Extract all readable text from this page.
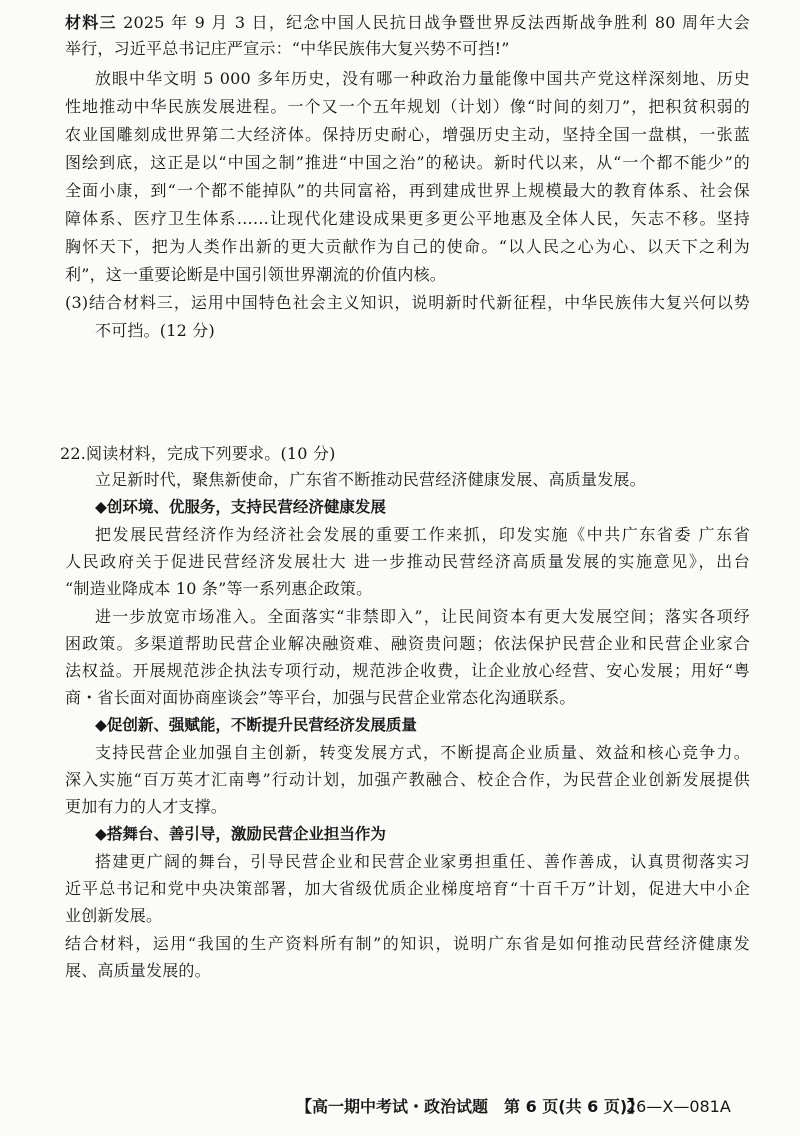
材料三 2025 年 9 月 3 日，纪念中国人民抗日战争暨世界反法西斯战争胜利 80 周年大会
举行，习近平总书记庄严宣示：“中华民族伟大复兴势不可挡!”
放眼中华文明 5 000 多年历史，没有哪一种政治力量能像中国共产党这样深刻地、历史
性地推动中华民族发展进程。一个又一个五年规划（计划）像“时间的刻刀”，把积贫积弱的
农业国雕刻成世界第二大经济体。保持历史耐心，增强历史主动，坚持全国一盘棋，一张蓝
图绘到底，这正是以“中国之制”推进“中国之治”的秘诀。新时代以来，从“一个都不能少”的
全面小康，到“一个都不能掉队”的共同富裕，再到建成世界上规模最大的教育体系、社会保
障体系、医疗卫生体系……让现代化建设成果更多更公平地惠及全体人民，矢志不移。坚持
胸怀天下，把为人类作出新的更大贡献作为自己的使命。“以人民之心为心、以天下之利为
利”，这一重要论断是中国引领世界潮流的价值内核。
(3)结合材料三，运用中国特色社会主义知识，说明新时代新征程，中华民族伟大复兴何以势
不可挡。(12 分)
22.阅读材料，完成下列要求。(10 分)
立足新时代，聚焦新使命，广东省不断推动民营经济健康发展、高质量发展。
◆创环境、优服务，支持民营经济健康发展
把发展民营经济作为经济社会发展的重要工作来抓，印发实施《中共广东省委 广东省
人民政府关于促进民营经济发展壮大 进一步推动民营经济高质量发展的实施意见》，出台
“制造业降成本 10 条”等一系列惠企政策。
进一步放宽市场准入。全面落实“非禁即入”，让民间资本有更大发展空间；落实各项纾
困政策。多渠道帮助民营企业解决融资难、融资贵问题；依法保护民营企业和民营企业家合
法权益。开展规范涉企执法专项行动，规范涉企收费，让企业放心经营、安心发展；用好“粤
商・省长面对面协商座谈会”等平台，加强与民营企业常态化沟通联系。
◆促创新、强赋能，不断提升民营经济发展质量
支持民营企业加强自主创新，转变发展方式，不断提高企业质量、效益和核心竞争力。
深入实施“百万英才汇南粤”行动计划，加强产教融合、校企合作，为民营企业创新发展提供
更加有力的人才支撑。
◆搭舞台、善引导，激励民营企业担当作为
搭建更广阔的舞台，引导民营企业和民营企业家勇担重任、善作善成，认真贯彻落实习
近平总书记和党中央决策部署，加大省级优质企业梯度培育“十百千万”计划，促进大中小企
业创新发展。
结合材料，运用“我国的生产资料所有制”的知识，说明广东省是如何推动民营经济健康发
展、高质量发展的。
【高一期中考试・政治试题　第 6 页(共 6 页)】
26—X—081A
